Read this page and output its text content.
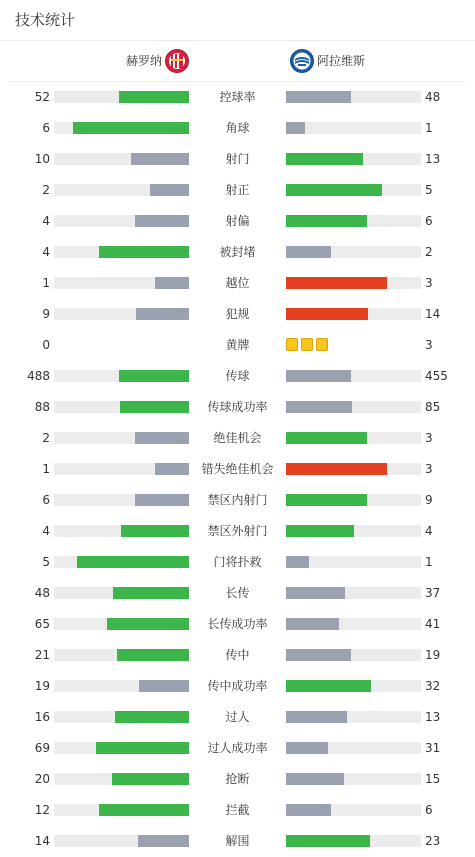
技术统计
赫罗纳	阿拉维斯
52	控球率	48
6	角球	1
10	射门	13
2	射正	5
4	射偏	6
4	被封堵	2
1	越位	3
9	犯规	14
0	黄牌	3
488	传球	455
88	传球成功率	85
2	绝佳机会	3
1	错失绝佳机会	3
6	禁区内射门	9
4	禁区外射门	4
5	门将扑救	1
48	长传	37
65	长传成功率	41
21	传中	19
19	传中成功率	32
16	过人	13
69	过人成功率	31
20	抢断	15
12	拦截	6
14	解围	23
